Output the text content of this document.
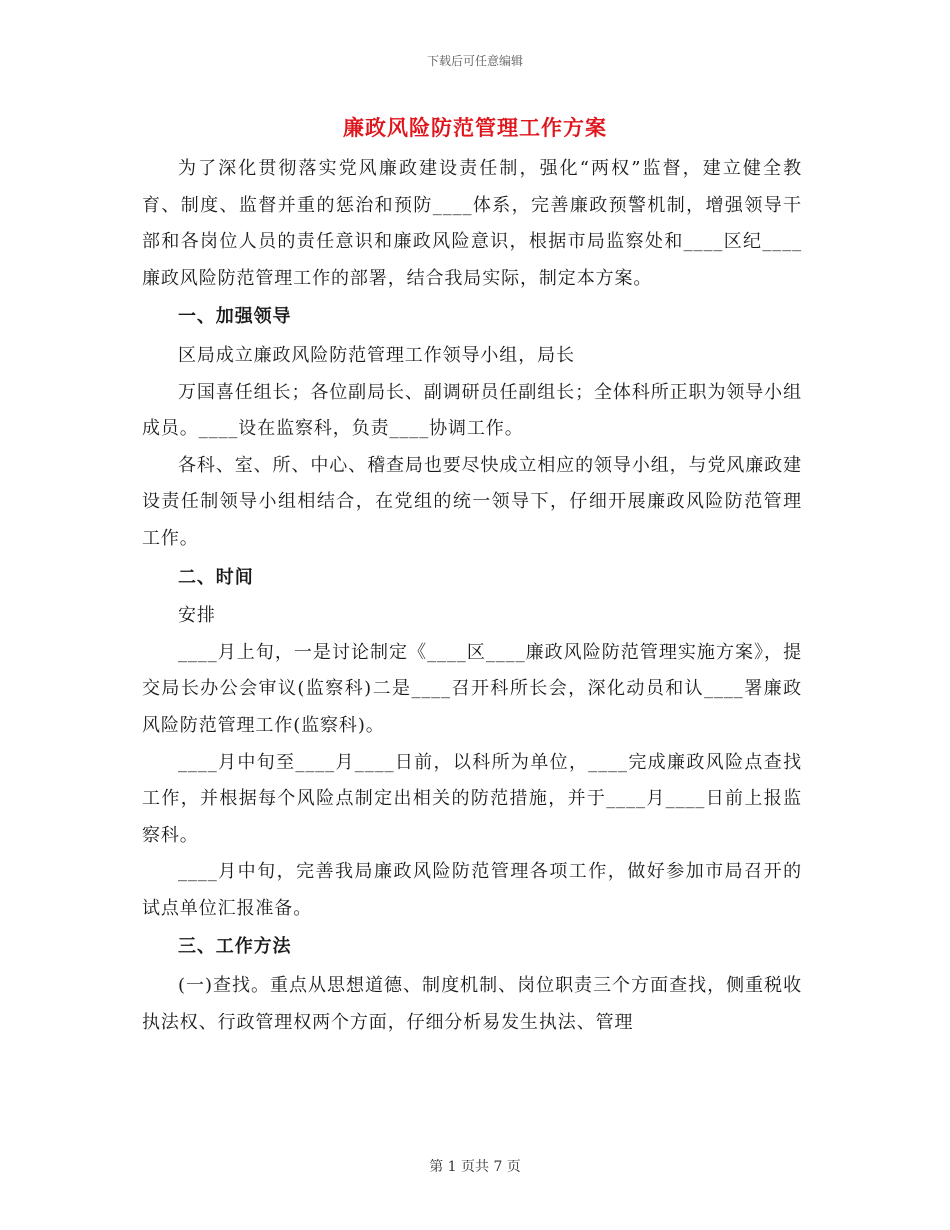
下载后可任意编辑
廉政风险防范管理工作方案

为了深化贯彻落实党风廉政建设责任制，强化“两权”监督，建立健全教育、制度、监督并重的惩治和预防____体系，完善廉政预警机制，增强领导干部和各岗位人员的责任意识和廉政风险意识，根据市局监察处和____区纪____廉政风险防范管理工作的部署，结合我局实际，制定本方案。

一、加强领导

区局成立廉政风险防范管理工作领导小组，局长

万国喜任组长；各位副局长、副调研员任副组长；全体科所正职为领导小组成员。____设在监察科，负责____协调工作。

各科、室、所、中心、稽查局也要尽快成立相应的领导小组，与党风廉政建设责任制领导小组相结合，在党组的统一领导下，仔细开展廉政风险防范管理工作。

二、时间

安排

____月上旬，一是讨论制定《____区____廉政风险防范管理实施方案》，提交局长办公会审议(监察科)二是____召开科所长会，深化动员和认____署廉政风险防范管理工作(监察科)。

____月中旬至____月____日前，以科所为单位，____完成廉政风险点查找工作，并根据每个风险点制定出相关的防范措施，并于____月____日前上报监察科。

____月中旬，完善我局廉政风险防范管理各项工作，做好参加市局召开的试点单位汇报准备。

三、工作方法

(一)查找。重点从思想道德、制度机制、岗位职责三个方面查找，侧重税收执法权、行政管理权两个方面，仔细分析易发生执法、管理

第 1 页共 7 页
